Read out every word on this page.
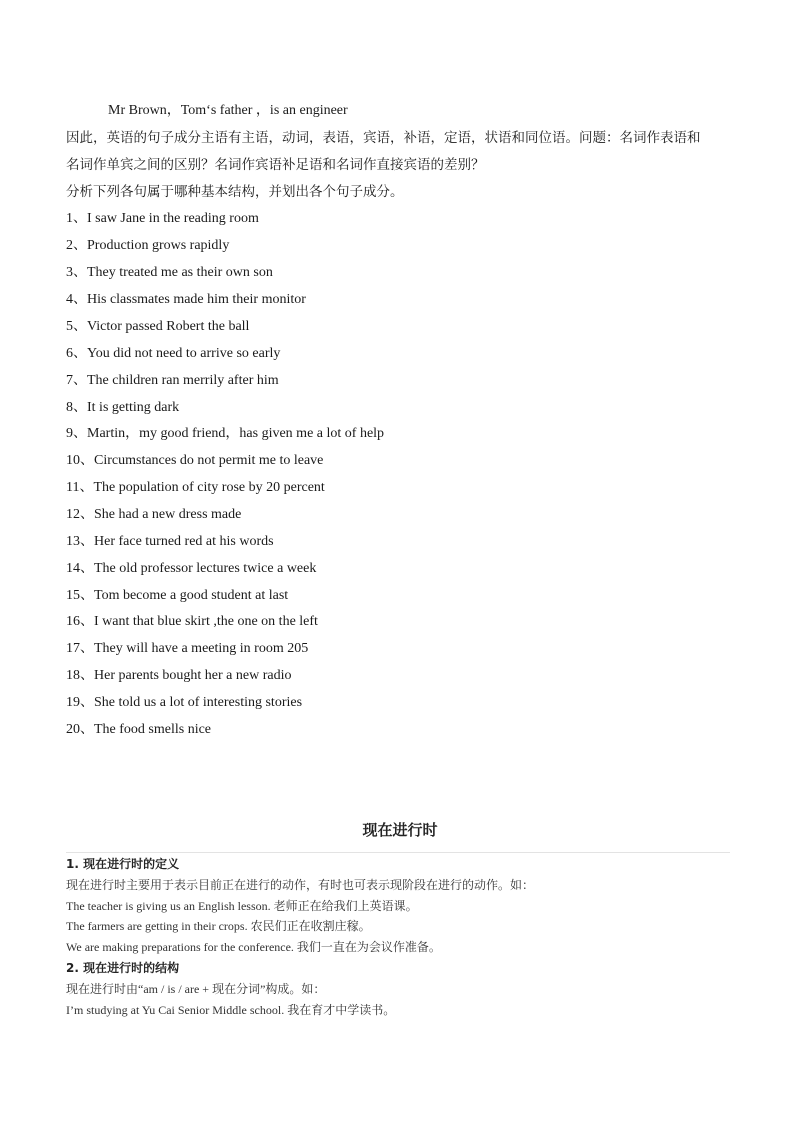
Mr Brown，Tom‘s father ，is an engineer
因此，英语的句子成分主语有主语，动词，表语，宾语，补语，定语，状语和同位语。问题：名词作表语和
名词作单宾之间的区别？名词作宾语补足语和名词作直接宾语的差别？
分析下列各句属于哪种基本结构，并划出各个句子成分。
1、I saw Jane in the reading room
2、Production grows rapidly
3、They treated me as their own son
4、His classmates made him their monitor
5、Victor passed Robert the ball
6、You did not need to arrive so early
7、The children ran merrily after him
8、It is getting dark
9、Martin，my good friend，has given me a lot of help
10、Circumstances do not permit me to leave
11、The population of city rose by 20 percent
12、She had a new dress made
13、Her face turned red at his words
14、The old professor lectures twice a week
15、Tom become a good student at last
16、I want that blue skirt ,the one on the left
17、They will have a meeting in room 205
18、Her parents bought her a new radio
19、She told us a lot of interesting stories
20、The food smells nice
现在进行时
1. 现在进行时的定义
现在进行时主要用于表示目前正在进行的动作，有时也可表示现阶段在进行的动作。如：
The teacher is giving us an English lesson. 老师正在给我们上英语课。
The farmers are getting in their crops. 农民们正在收割庄稼。
We are making preparations for the conference. 我们一直在为会议作准备。
2. 现在进行时的结构
现在进行时由“am / is / are + 现在分词”构成。如：
I’m studying at Yu Cai Senior Middle school. 我在育才中学读书。
